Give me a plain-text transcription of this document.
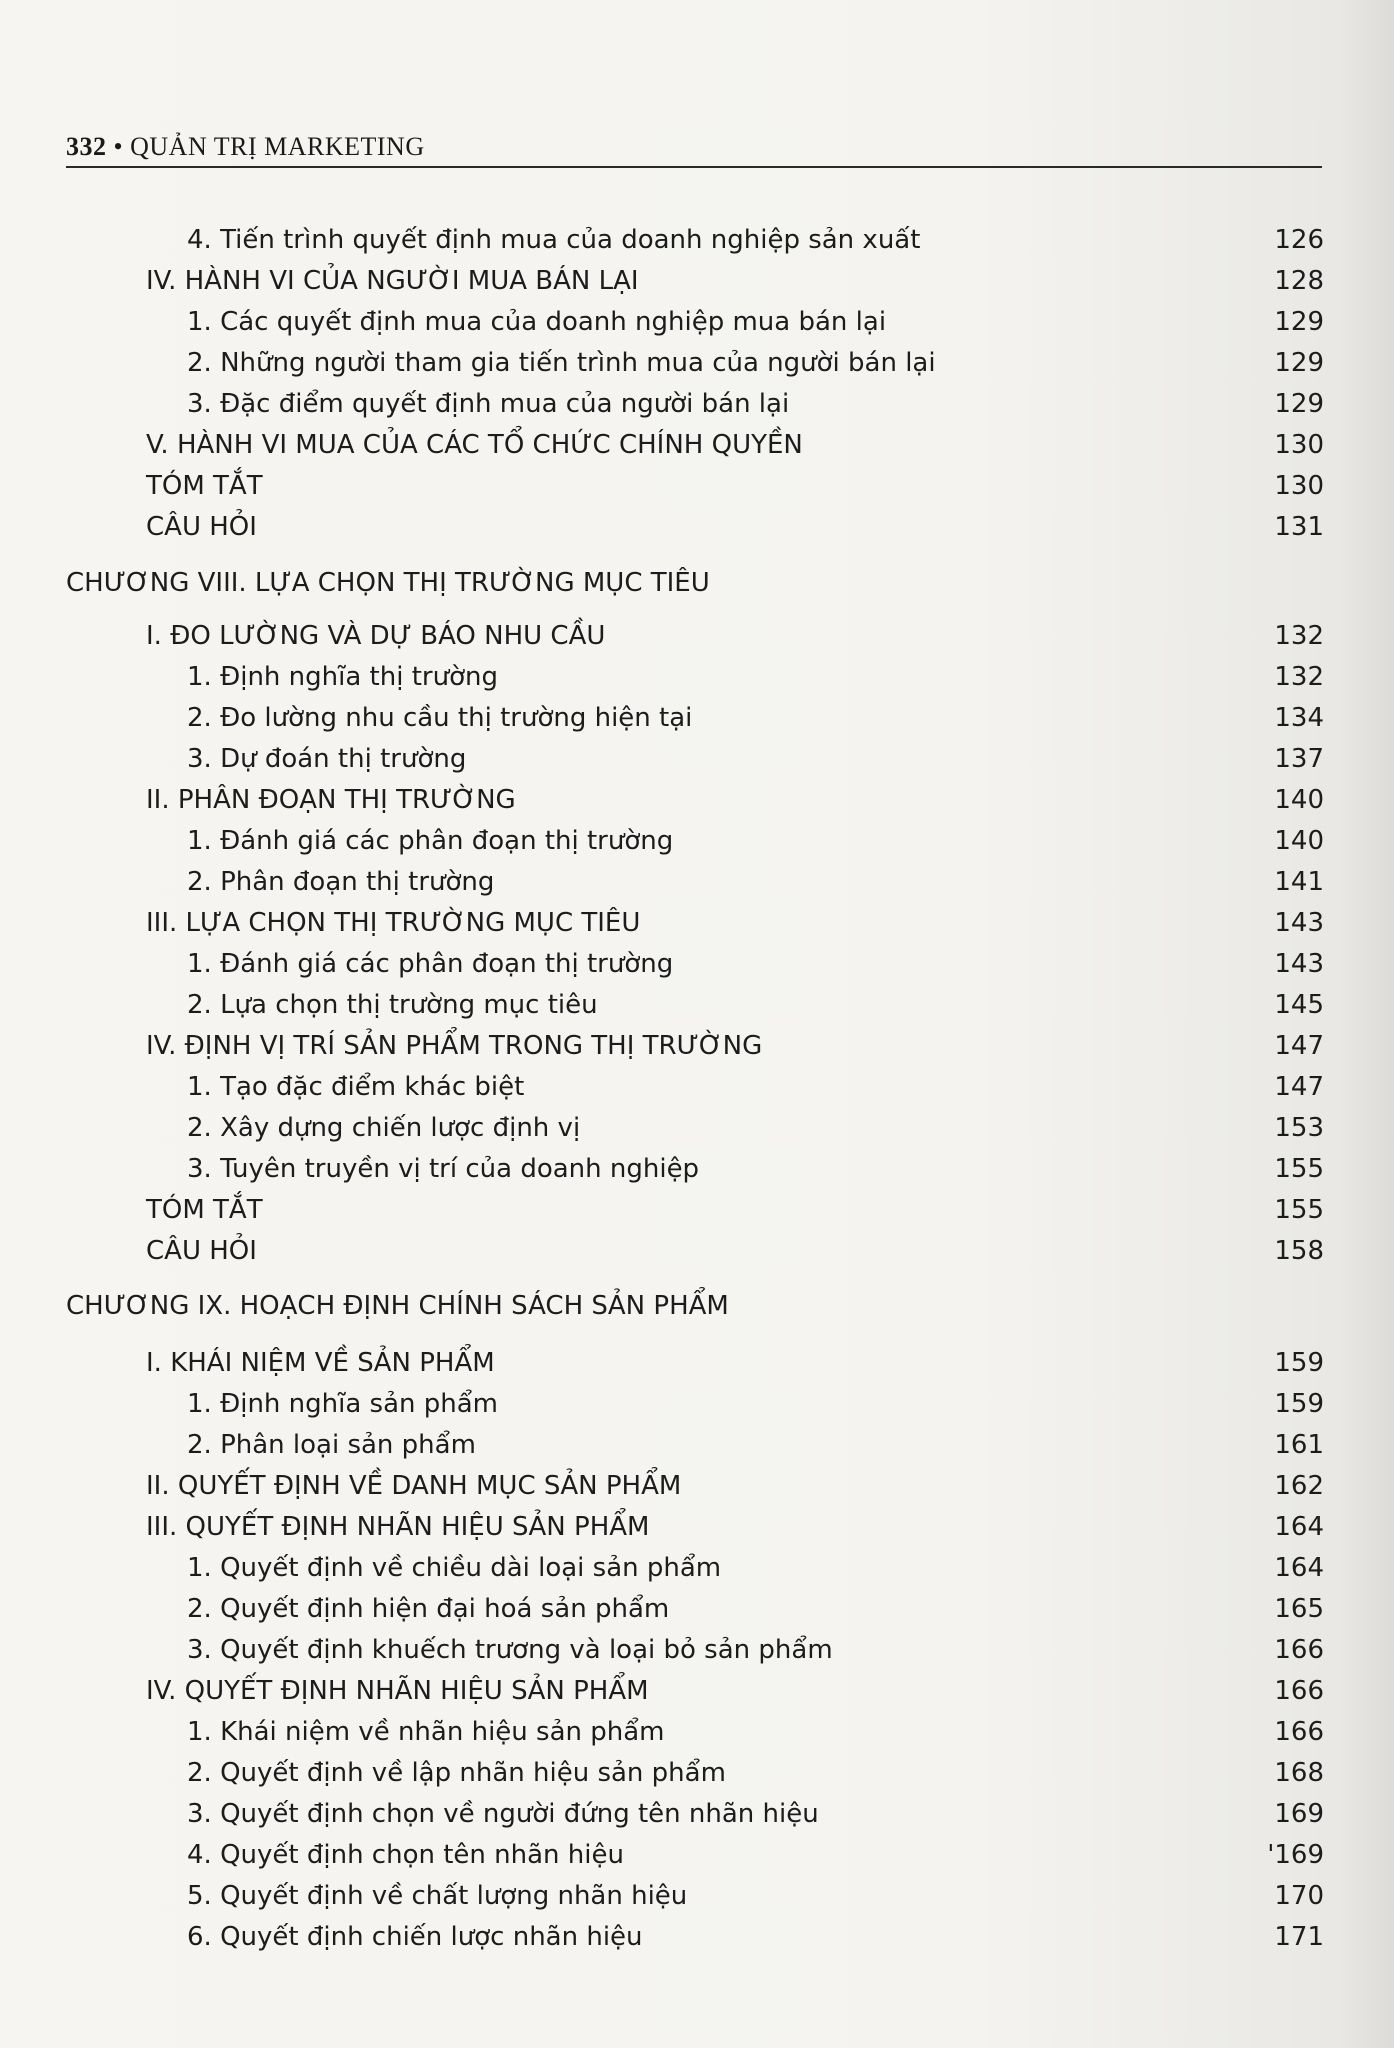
332 • QUẢN TRỊ MARKETING
4. Tiến trình quyết định mua của doanh nghiệp sản xuất	126
IV. HÀNH VI CỦA NGƯỜI MUA BÁN LẠI	128
1. Các quyết định mua của doanh nghiệp mua bán lại	129
2. Những người tham gia tiến trình mua của người bán lại	129
3. Đặc điểm quyết định mua của người bán lại	129
V. HÀNH VI MUA CỦA CÁC TỔ CHỨC CHÍNH QUYỀN	130
TÓM TẮT	130
CÂU HỎI	131
CHƯƠNG VIII. LỰA CHỌN THỊ TRƯỜNG MỤC TIÊU
I. ĐO LƯỜNG VÀ DỰ BÁO NHU CẦU	132
1. Định nghĩa thị trường	132
2. Đo lường nhu cầu thị trường hiện tại	134
3. Dự đoán thị trường	137
II. PHÂN ĐOẠN THỊ TRƯỜNG	140
1. Đánh giá các phân đoạn thị trường	140
2. Phân đoạn thị trường	141
III. LỰA CHỌN THỊ TRƯỜNG MỤC TIÊU	143
1. Đánh giá các phân đoạn thị trường	143
2. Lựa chọn thị trường mục tiêu	145
IV. ĐỊNH VỊ TRÍ SẢN PHẨM TRONG THỊ TRƯỜNG	147
1. Tạo đặc điểm khác biệt	147
2. Xây dựng chiến lược định vị	153
3. Tuyên truyền vị trí của doanh nghiệp	155
TÓM TẮT	155
CÂU HỎI	158
CHƯƠNG IX. HOẠCH ĐỊNH CHÍNH SÁCH SẢN PHẨM
I. KHÁI NIỆM VỀ SẢN PHẨM	159
1. Định nghĩa sản phẩm	159
2. Phân loại sản phẩm	161
II. QUYẾT ĐỊNH VỀ DANH MỤC SẢN PHẨM	162
III. QUYẾT ĐỊNH NHÃN HIỆU SẢN PHẨM	164
1. Quyết định về chiều dài loại sản phẩm	164
2. Quyết định hiện đại hoá sản phẩm	165
3. Quyết định khuếch trương và loại bỏ sản phẩm	166
IV. QUYẾT ĐỊNH NHÃN HIỆU SẢN PHẨM	166
1. Khái niệm về nhãn hiệu sản phẩm	166
2. Quyết định về lập nhãn hiệu sản phẩm	168
3. Quyết định chọn về người đứng tên nhãn hiệu	169
4. Quyết định chọn tên nhãn hiệu	'169
5. Quyết định về chất lượng nhãn hiệu	170
6. Quyết định chiến lược nhãn hiệu	171
